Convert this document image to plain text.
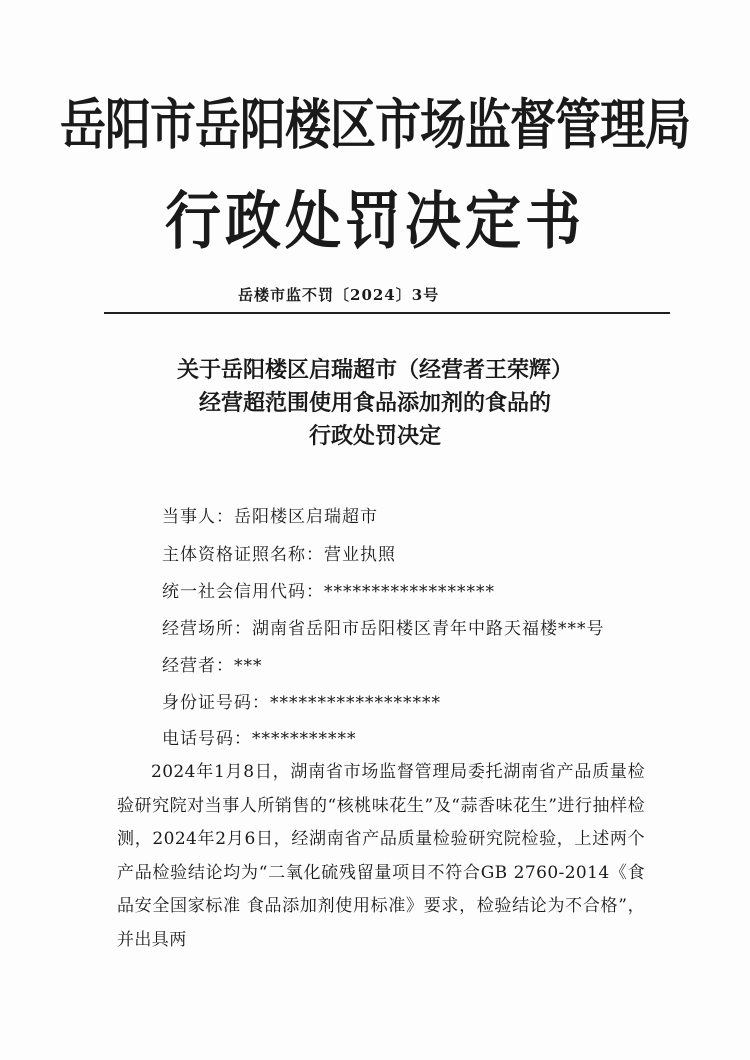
岳阳市岳阳楼区市场监督管理局
行政处罚决定书
岳楼市监不罚〔2024〕3号
关于岳阳楼区启瑞超市（经营者王荣辉）
经营超范围使用食品添加剂的食品的
行政处罚决定
当事人：岳阳楼区启瑞超市
主体资格证照名称：营业执照
统一社会信用代码：******************
经营场所：湖南省岳阳市岳阳楼区青年中路天福楼***号
经营者：***
身份证号码：******************
电话号码：***********
2024年1月8日，湖南省市场监督管理局委托湖南省产品质量检验研究院对当事人所销售的“核桃味花生”及“蒜香味花生”进行抽样检测，2024年2月6日，经湖南省产品质量检验研究院检验，上述两个产品检验结论均为“二氧化硫残留量项目不符合GB 2760-2014《食品安全国家标准 食品添加剂使用标准》要求，检验结论为不合格”，并出具两
